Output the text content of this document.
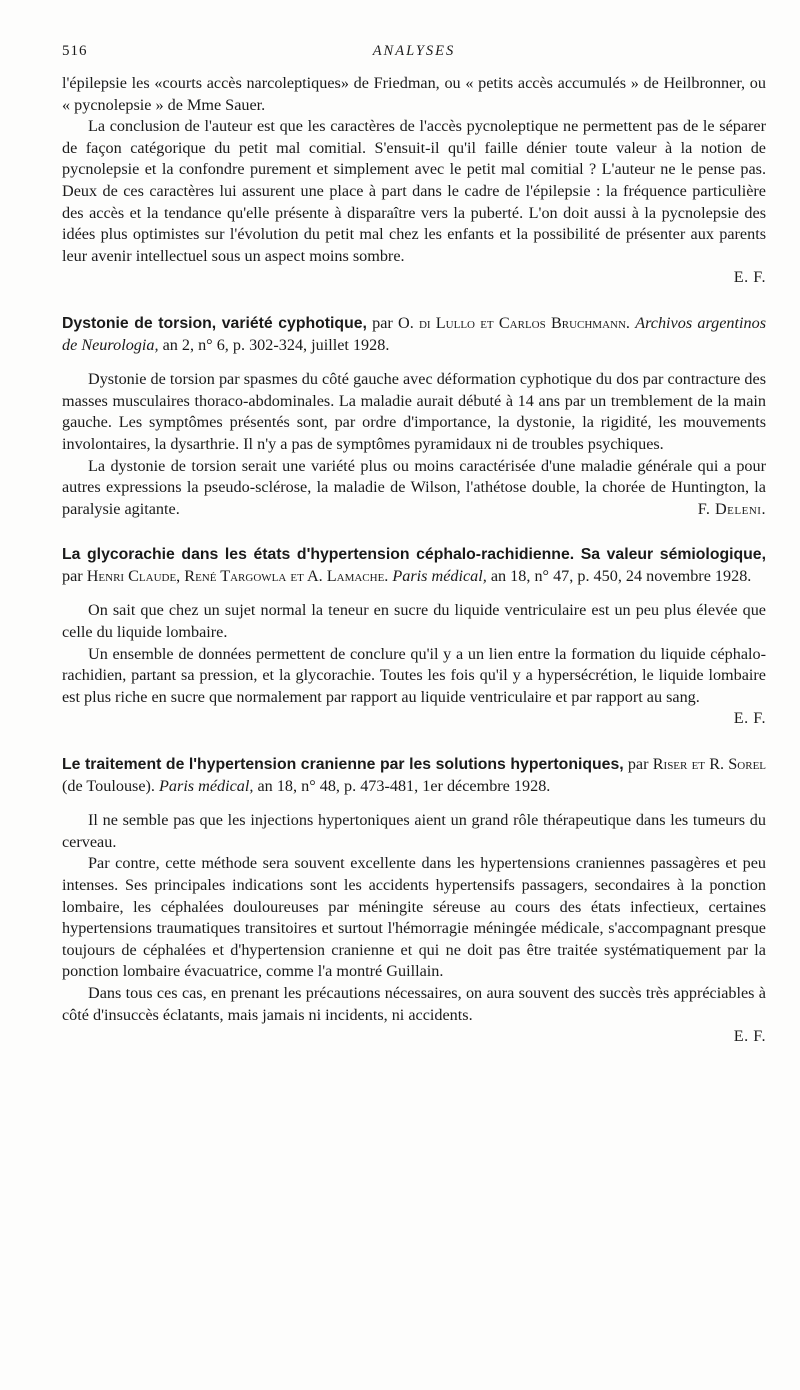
516	ANALYSES

l'épilepsie les «courts accès narcoleptiques» de Friedman, ou « petits accès accumulés » de Heilbronner, ou « pycnolepsie » de Mme Sauer.

La conclusion de l'auteur est que les caractères de l'accès pycnoleptique ne permettent pas de le séparer de façon catégorique du petit mal comitial. S'ensuit-il qu'il faille dénier toute valeur à la notion de pycnolepsie et la confondre purement et simplement avec le petit mal comitial ? L'auteur ne le pense pas. Deux de ces caractères lui assurent une place à part dans le cadre de l'épilepsie : la fréquence particulière des accès et la tendance qu'elle présente à disparaître vers la puberté. L'on doit aussi à la pycnolepsie des idées plus optimistes sur l'évolution du petit mal chez les enfants et la possibilité de présenter aux parents leur avenir intellectuel sous un aspect moins sombre.

E. F.

Dystonie de torsion, variété cyphotique, par O. di Lullo et Carlos Bruchmann. Archivos argentinos de Neurologia, an 2, n° 6, p. 302-324, juillet 1928.

Dystonie de torsion par spasmes du côté gauche avec déformation cyphotique du dos par contracture des masses musculaires thoraco-abdominales. La maladie aurait débuté à 14 ans par un tremblement de la main gauche. Les symptômes présentés sont, par ordre d'importance, la dystonie, la rigidité, les mouvements involontaires, la dysarthrie. Il n'y a pas de symptômes pyramidaux ni de troubles psychiques.

La dystonie de torsion serait une variété plus ou moins caractérisée d'une maladie générale qui a pour autres expressions la pseudo-sclérose, la maladie de Wilson, l'athétose double, la chorée de Huntington, la paralysie agitante.	F. Deleni.

La glycorachie dans les états d'hypertension céphalo-rachidienne. Sa valeur sémiologique, par Henri Claude, René Targowla et A. Lamache. Paris médical, an 18, n° 47, p. 450, 24 novembre 1928.

On sait que chez un sujet normal la teneur en sucre du liquide ventriculaire est un peu plus élevée que celle du liquide lombaire.

Un ensemble de données permettent de conclure qu'il y a un lien entre la formation du liquide céphalo-rachidien, partant sa pression, et la glycorachie. Toutes les fois qu'il y a hypersécrétion, le liquide lombaire est plus riche en sucre que normalement par rapport au liquide ventriculaire et par rapport au sang.
E. F.

Le traitement de l'hypertension cranienne par les solutions hypertoniques, par Riser et R. Sorel (de Toulouse). Paris médical, an 18, n° 48, p. 473-481, 1er décembre 1928.

Il ne semble pas que les injections hypertoniques aient un grand rôle thérapeutique dans les tumeurs du cerveau.

Par contre, cette méthode sera souvent excellente dans les hypertensions craniennes passagères et peu intenses. Ses principales indications sont les accidents hypertensifs passagers, secondaires à la ponction lombaire, les céphalées douloureuses par méningite séreuse au cours des états infectieux, certaines hypertensions traumatiques transitoires et surtout l'hémorragie méningée médicale, s'accompagnant presque toujours de céphalées et d'hypertension cranienne et qui ne doit pas être traitée systématiquement par la ponction lombaire évacuatrice, comme l'a montré Guillain.

Dans tous ces cas, en prenant les précautions nécessaires, on aura souvent des succès très appréciables à côté d'insuccès éclatants, mais jamais ni incidents, ni accidents.

E. F.
